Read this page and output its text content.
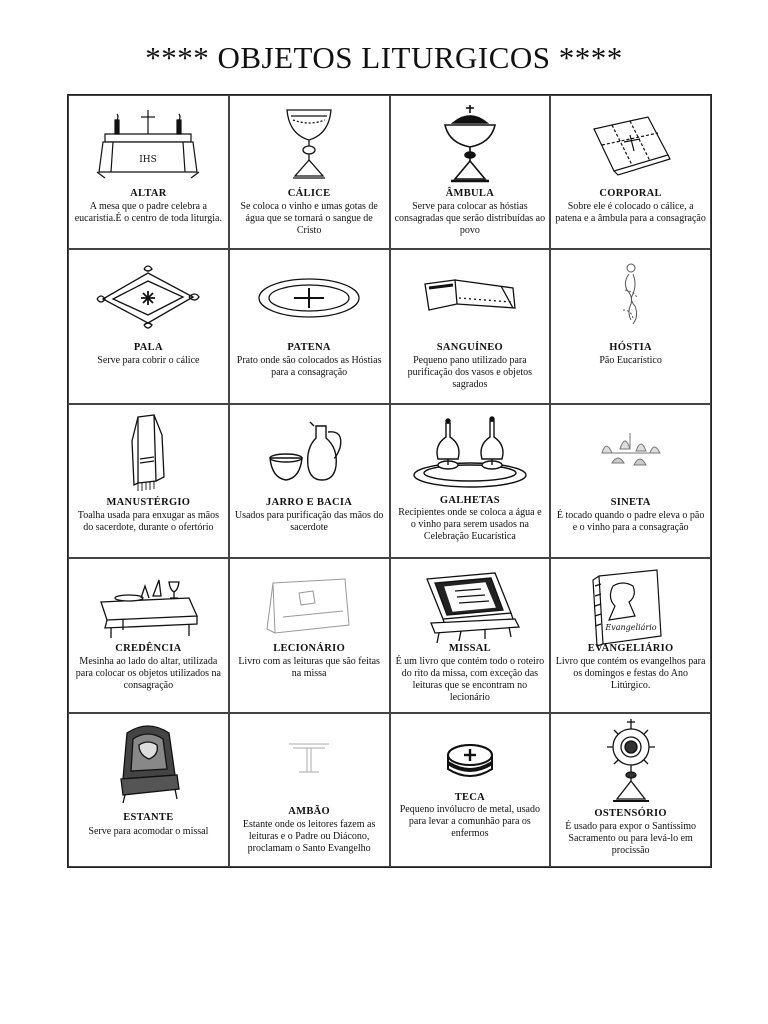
**** OBJETOS LITURGICOS ****
IHS
ALTAR
A mesa que o padre celebra a eucaristia.É o centro de toda liturgia.
CÁLICE
Se coloca o vinho e umas gotas de água que se tornará o sangue de Cristo
ÂMBULA
Serve para colocar as hóstias consagradas que serão distribuídas ao povo
CORPORAL
Sobre ele é colocado o cálice, a patena e a âmbula para a consagração
PALA
Serve para cobrir o cálice
PATENA
Prato onde são colocados as Hóstias para a consagração
SANGUÍNEO
Pequeno pano utilizado para purificação dos vasos e objetos sagrados
HÓSTIA
Pão Eucarístico
MANUSTÉRGIO
Toalha usada para enxugar as mãos do sacerdote, durante o ofertório
JARRO E BACIA
Usados para purificação das mãos do sacerdote
GALHETAS
Recipientes onde se coloca a água e o vinho para serem usados na Celebração Eucarística
SINETA
É tocado quando o padre eleva o pão e o vinho para a consagração
CREDÊNCIA
Mesinha ao lado do altar, utilizada para colocar os objetos utilizados na consagração
LECIONÁRIO
Livro com as leituras que são feitas na missa
MISSAL
É um livro que contém todo o roteiro do rito da missa, com exceção das leituras que se encontram no lecionário
Evangeliário
EVANGELIÁRIO
Livro que contém os evangelhos para os domingos e festas do Ano Litúrgico.
ESTANTE
Serve para acomodar o missal
AMBÃO
Estante onde os leitores fazem as leituras e o Padre ou Diácono, proclamam o Santo Evangelho
TECA
Pequeno invólucro de metal, usado para levar a comunhão para os enfermos
OSTENSÓRIO
É usado para expor o Santíssimo Sacramento ou para levá-lo em procissão
